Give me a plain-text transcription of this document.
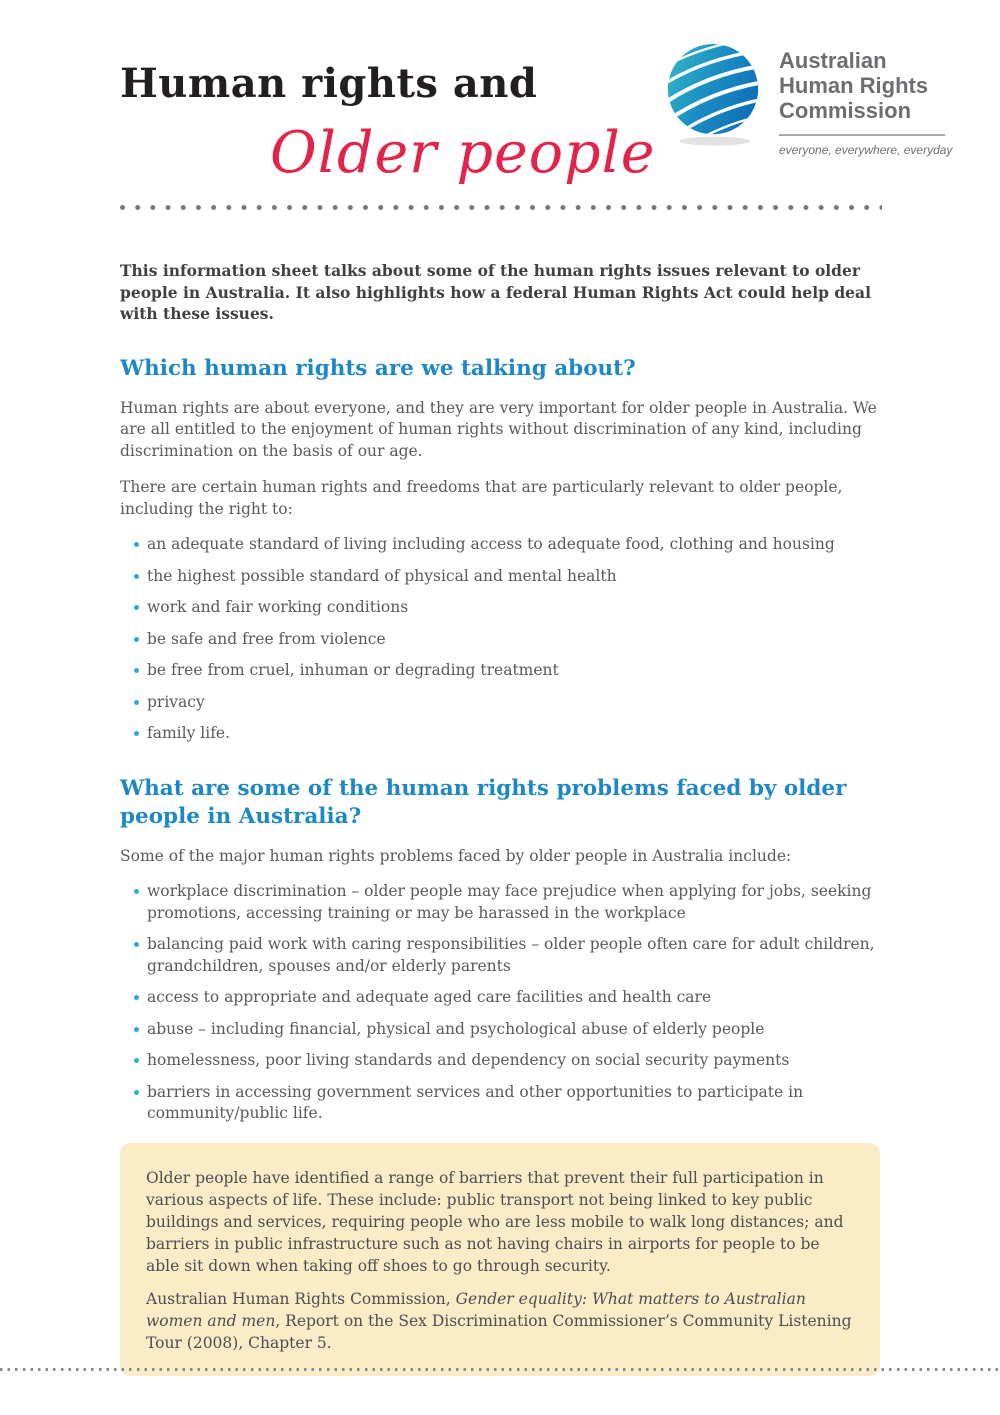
Human rights and
Older people
Australian
Human Rights
Commission
everyone, everywhere, everyday

This information sheet talks about some of the human rights issues relevant to older people in Australia. It also highlights how a federal Human Rights Act could help deal with these issues.

Which human rights are we talking about?

Human rights are about everyone, and they are very important for older people in Australia. We are all entitled to the enjoyment of human rights without discrimination of any kind, including discrimination on the basis of our age.

There are certain human rights and freedoms that are particularly relevant to older people, including the right to:

an adequate standard of living including access to adequate food, clothing and housing
the highest possible standard of physical and mental health
work and fair working conditions
be safe and free from violence
be free from cruel, inhuman or degrading treatment
privacy
family life.
What are some of the human rights problems faced by older people in Australia?

Some of the major human rights problems faced by older people in Australia include:

workplace discrimination – older people may face prejudice when applying for jobs, seeking promotions, accessing training or may be harassed in the workplace
balancing paid work with caring responsibilities – older people often care for adult children, grandchildren, spouses and/or elderly parents
access to appropriate and adequate aged care facilities and health care
abuse – including financial, physical and psychological abuse of elderly people
homelessness, poor living standards and dependency on social security payments
barriers in accessing government services and other opportunities to participate in community/public life.

Older people have identified a range of barriers that prevent their full participation in various aspects of life. These include: public transport not being linked to key public buildings and services, requiring people who are less mobile to walk long distances; and barriers in public infrastructure such as not having chairs in airports for people to be able sit down when taking off shoes to go through security.

Australian Human Rights Commission, Gender equality: What matters to Australian women and men, Report on the Sex Discrimination Commissioner’s Community Listening Tour (2008), Chapter 5.
